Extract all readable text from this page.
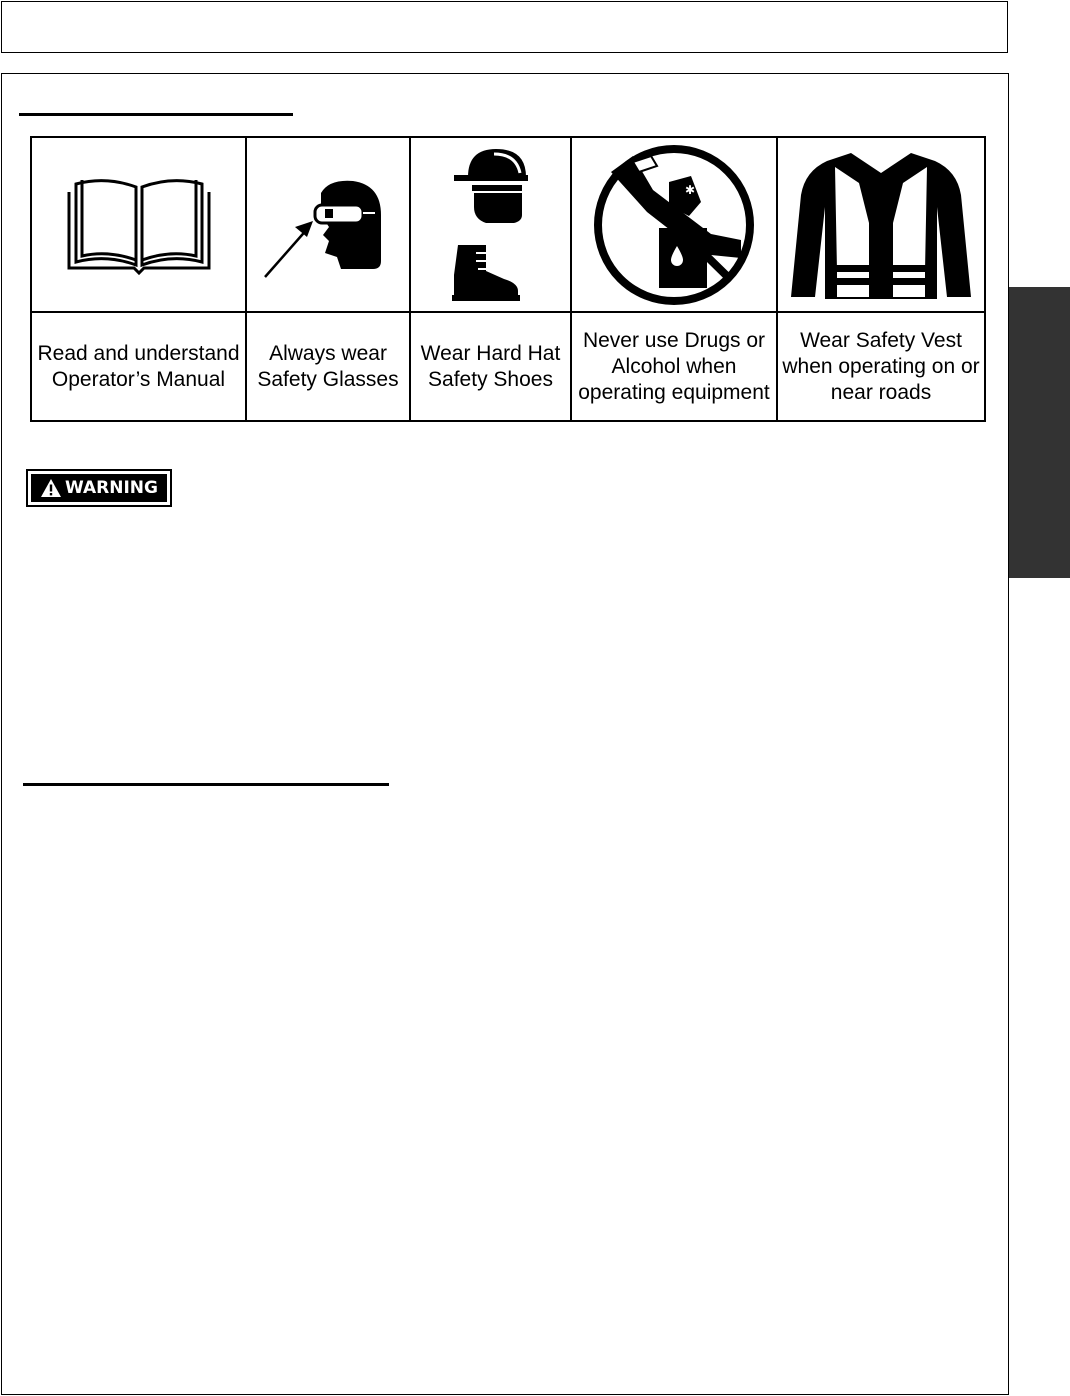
✱

Read and understand Operator’s Manual	Always wear Safety Glasses	Wear Hard Hat Safety Shoes	Never use Drugs or Alcohol when operating equipment	Wear Safety Vest when operating on or near roads
WARNING
